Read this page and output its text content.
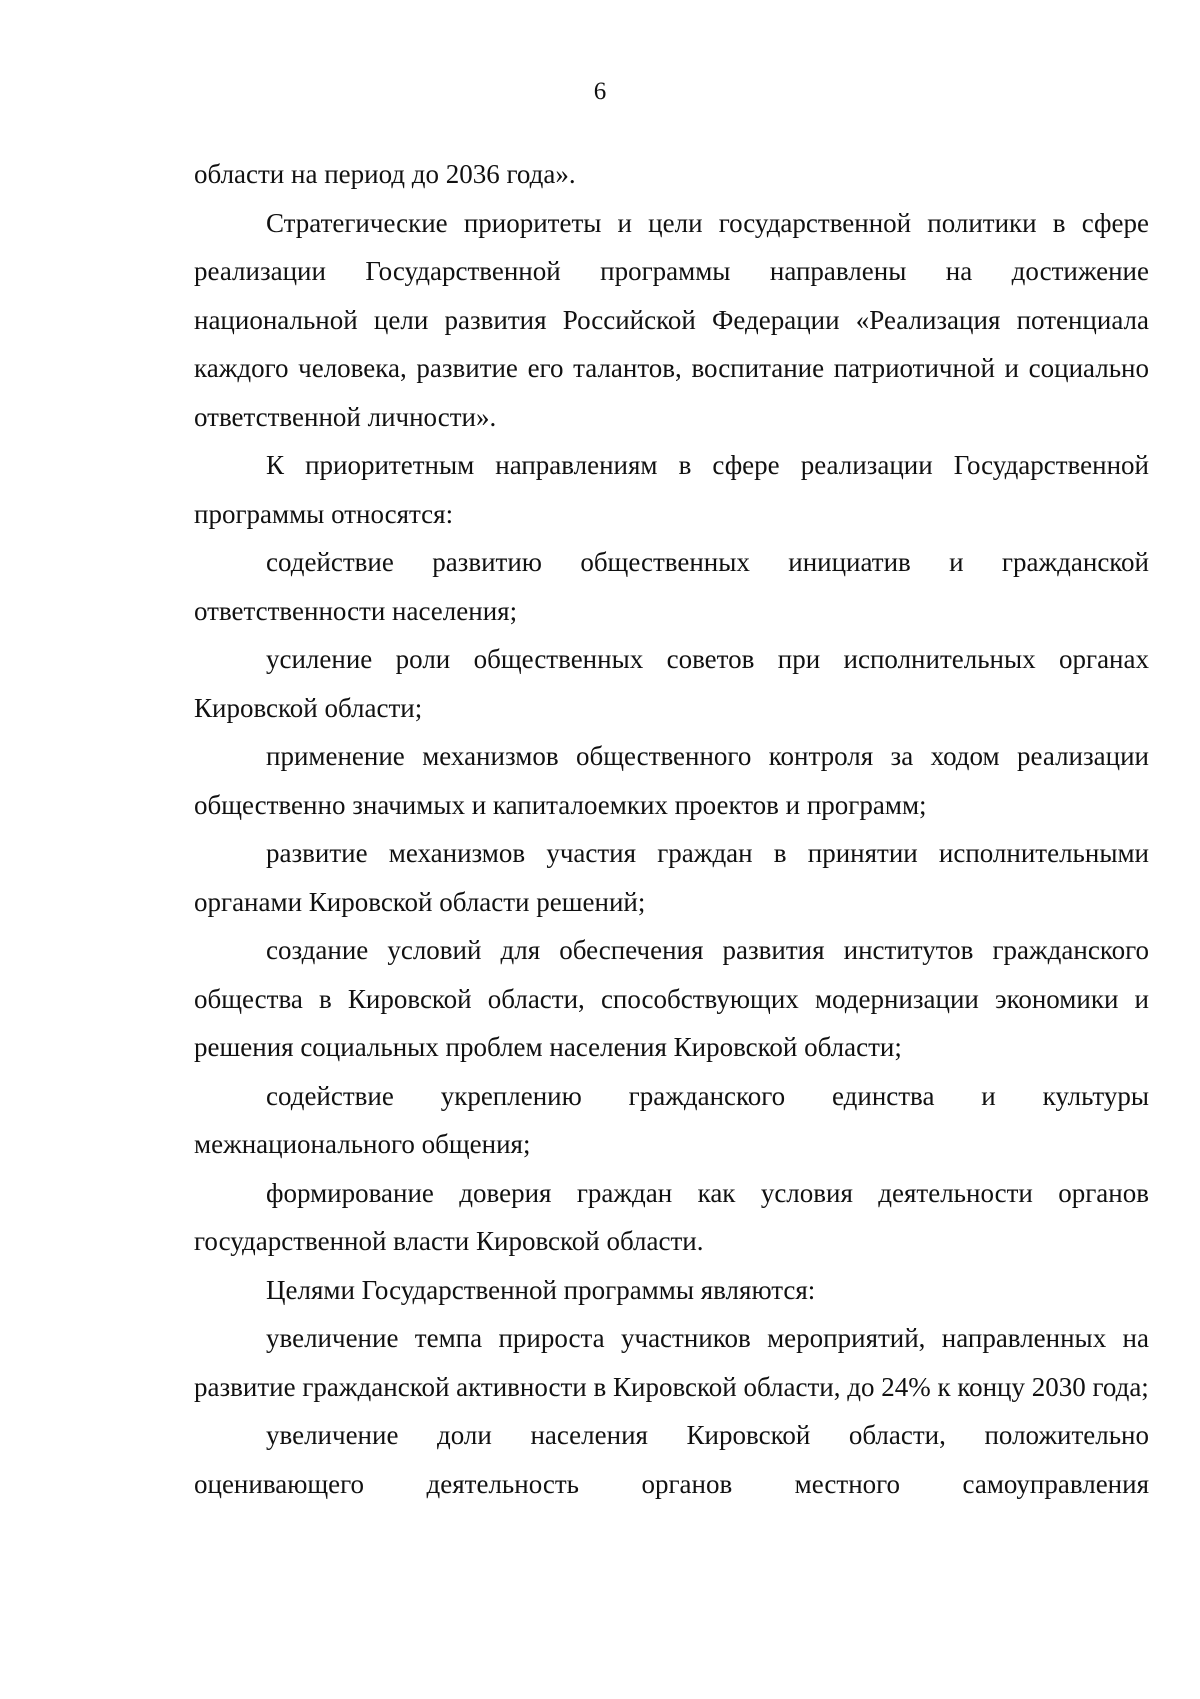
6

области на период до 2036 года».

Стратегические приоритеты и цели государственной политики в сфере реализации Государственной программы направлены на достижение национальной цели развития Российской Федерации «Реализация потенциала каждого человека, развитие его талантов, воспитание патриотичной и социально ответственной личности».

К приоритетным направлениям в сфере реализации Государственной программы относятся:

содействие развитию общественных инициатив и гражданской ответственности населения;

усиление роли общественных советов при исполнительных органах Кировской области;

применение механизмов общественного контроля за ходом реализации общественно значимых и капиталоемких проектов и программ;

развитие механизмов участия граждан в принятии исполнительными органами Кировской области решений;

создание условий для обеспечения развития институтов гражданского общества в Кировской области, способствующих модернизации экономики и решения социальных проблем населения Кировской области;

содействие укреплению гражданского единства и культуры межнационального общения;

формирование доверия граждан как условия деятельности органов государственной власти Кировской области.

Целями Государственной программы являются:

увеличение темпа прироста участников мероприятий, направленных на развитие гражданской активности в Кировской области, до 24% к концу 2030 года;

увеличение доли населения Кировской области, положительно оценивающего деятельность органов местного самоуправления
